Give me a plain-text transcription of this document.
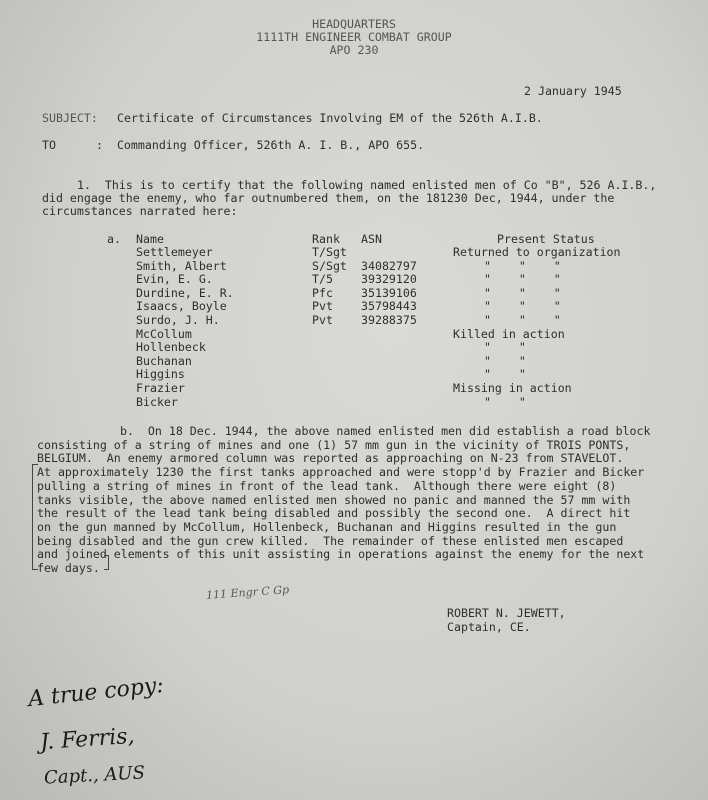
HEADQUARTERS
1111TH ENGINEER COMBAT GROUP
APO 230
2 January 1945
SUBJECT: Certificate of Circumstances Involving EM of the 526th A.I.B.
TO	:  Commanding Officer, 526th A. I. B., APO 655.
1.  This is to certify that the following named enlisted men of Co "B", 526 A.I.B.,
did engage the enemy, who far outnumbered them, on the 181230 Dec, 1944, under the
circumstances narrated here:
a. Name	Rank ASN	Present Status
Settlemeyer	T/Sgt	Returned to organization
Smith, Albert	S/Sgt 34082797	"    "    "
Evin, E. G.	T/5 39329120	"    "    "
Durdine, E. R.	Pfc 35139106	"    "    "
Isaacs, Boyle	Pvt 35798443	"    "    "
Surdo, J. H.	Pvt 39288375	"    "    "
McCollum	Killed in action
Hollenbeck	"    "
Buchanan	"    "
Higgins	"    "
Frazier	Missing in action
Bicker	"    "
b.  On 18 Dec. 1944, the above named enlisted men did establish a road block
consisting of a string of mines and one (1) 57 mm gun in the vicinity of TROIS PONTS,
BELGIUM.  An enemy armored column was reported as approaching on N-23 from STAVELOT.
At approximately 1230 the first tanks approached and were stopp'd by Frazier and Bicker
pulling a string of mines in front of the lead tank.  Although there were eight (8)
tanks visible, the above named enlisted men showed no panic and manned the 57 mm with
the result of the lead tank being disabled and possibly the second one.  A direct hit
on the gun manned by McCollum, Hollenbeck, Buchanan and Higgins resulted in the gun
being disabled and the gun crew killed.  The remainder of these enlisted men escaped
and joined elements of this unit assisting in operations against the enemy for the next
few days.
111 Engr C Gp
ROBERT N. JEWETT,
Captain, CE.
A true copy:
J. Ferris,
Capt., AUS
